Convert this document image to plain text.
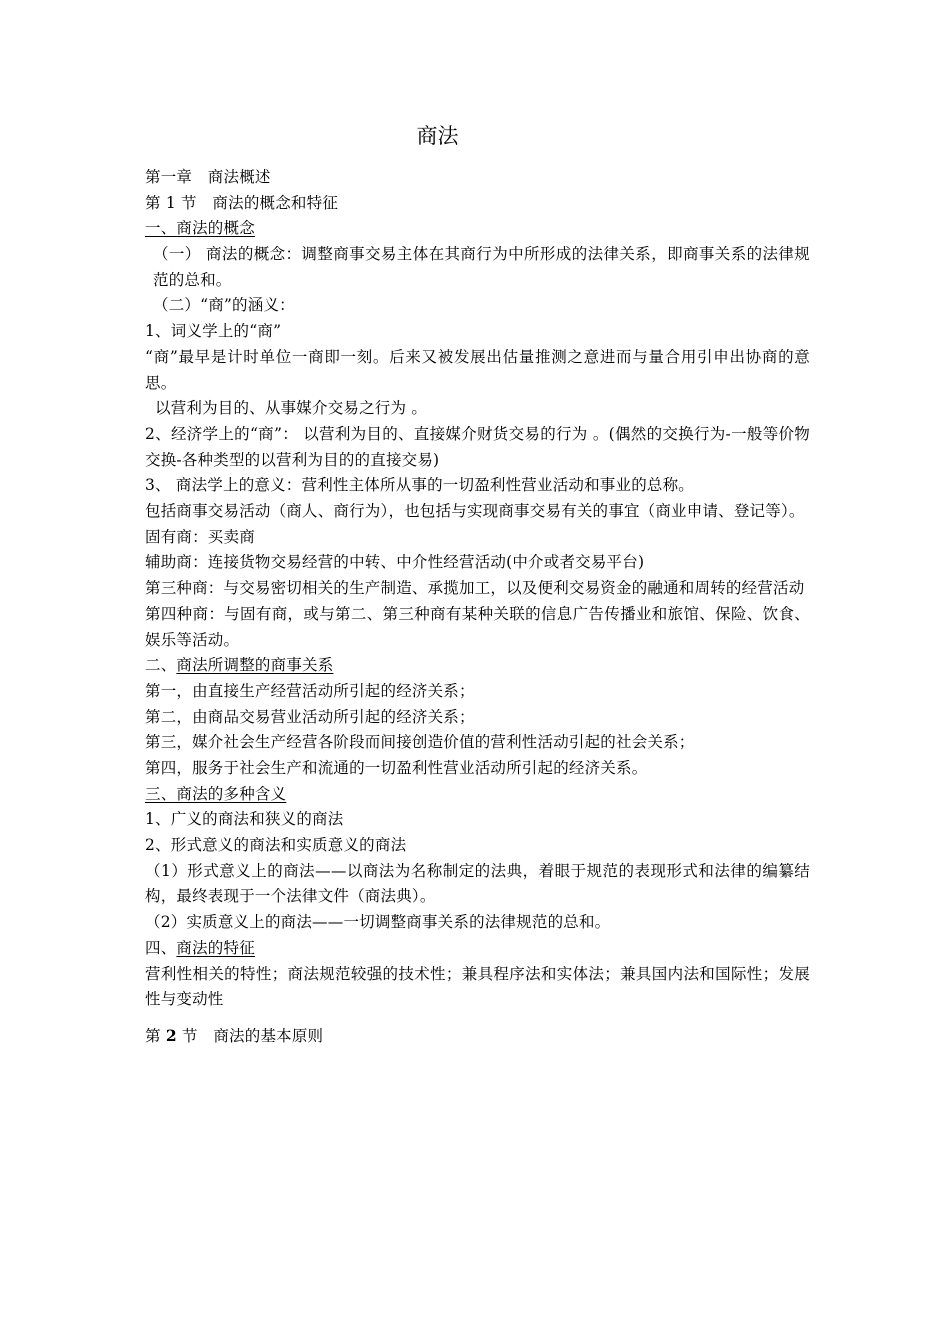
商法
第一章　商法概述
第 1 节　商法的概念和特征
一、商法的概念
（一） 商法的概念：调整商事交易主体在其商行为中所形成的法律关系，即商事关系的法律规范的总和。
（二）“商”的涵义：
1、词义学上的“商”
“商”最早是计时单位一商即一刻。后来又被发展出估量推测之意进而与量合用引申出协商的意思。
以营利为目的、从事媒介交易之行为 。
2、经济学上的“商”： 以营利为目的、直接媒介财货交易的行为 。(偶然的交换行为-一般等价物交换-各种类型的以营利为目的的直接交易)
3、 商法学上的意义：营利性主体所从事的一切盈利性营业活动和事业的总称。
包括商事交易活动（商人、商行为），也包括与实现商事交易有关的事宜（商业申请、登记等）。
固有商：买卖商
辅助商：连接货物交易经营的中转、中介性经营活动(中介或者交易平台)
第三种商：与交易密切相关的生产制造、承揽加工，以及便利交易资金的融通和周转的经营活动
第四种商：与固有商，或与第二、第三种商有某种关联的信息广告传播业和旅馆、保险、饮食、娱乐等活动。
二、商法所调整的商事关系
第一，由直接生产经营活动所引起的经济关系；
第二，由商品交易营业活动所引起的经济关系；
第三，媒介社会生产经营各阶段而间接创造价值的营利性活动引起的社会关系；
第四，服务于社会生产和流通的一切盈利性营业活动所引起的经济关系。
三、商法的多种含义
1、广义的商法和狭义的商法
2、形式意义的商法和实质意义的商法
（1）形式意义上的商法——以商法为名称制定的法典，着眼于规范的表现形式和法律的编纂结构，最终表现于一个法律文件（商法典）。
（2）实质意义上的商法——一切调整商事关系的法律规范的总和。
四、商法的特征
营利性相关的特性；商法规范较强的技术性；兼具程序法和实体法；兼具国内法和国际性；发展性与变动性
第 2 节　商法的基本原则
